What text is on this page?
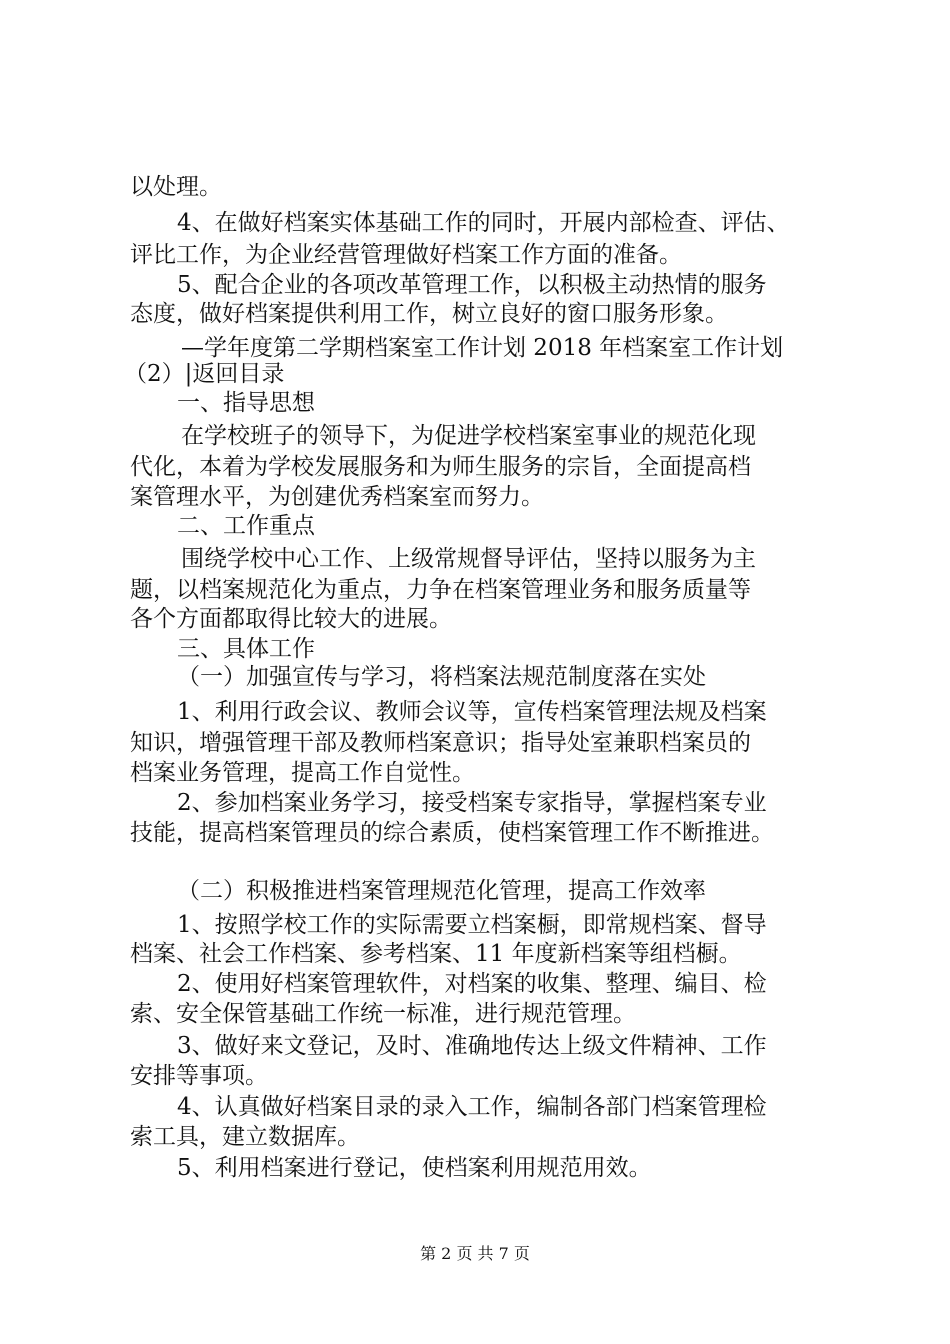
以处理。
4、在做好档案实体基础工作的同时，开展内部检查、评估、
评比工作，为企业经营管理做好档案工作方面的准备。
5、配合企业的各项改革管理工作，以积极主动热情的服务
态度，做好档案提供利用工作，树立良好的窗口服务形象。
—学年度第二学期档案室工作计划 2018 年档案室工作计划
（2）|返回目录
一、指导思想
在学校班子的领导下，为促进学校档案室事业的规范化现
代化，本着为学校发展服务和为师生服务的宗旨，全面提高档
案管理水平，为创建优秀档案室而努力。
二、工作重点
围绕学校中心工作、上级常规督导评估，坚持以服务为主
题，以档案规范化为重点，力争在档案管理业务和服务质量等
各个方面都取得比较大的进展。
三、具体工作
（一）加强宣传与学习，将档案法规范制度落在实处
1、利用行政会议、教师会议等，宣传档案管理法规及档案
知识，增强管理干部及教师档案意识；指导处室兼职档案员的
档案业务管理，提高工作自觉性。
2、参加档案业务学习，接受档案专家指导，掌握档案专业
技能，提高档案管理员的综合素质，使档案管理工作不断推进。
（二）积极推进档案管理规范化管理，提高工作效率
1、按照学校工作的实际需要立档案橱，即常规档案、督导
档案、社会工作档案、参考档案、11 年度新档案等组档橱。
2、使用好档案管理软件，对档案的收集、整理、编目、检
索、安全保管基础工作统一标准，进行规范管理。
3、做好来文登记，及时、准确地传达上级文件精神、工作
安排等事项。
4、认真做好档案目录的录入工作，编制各部门档案管理检
索工具，建立数据库。
5、利用档案进行登记，使档案利用规范用效。
第 2 页 共 7 页
